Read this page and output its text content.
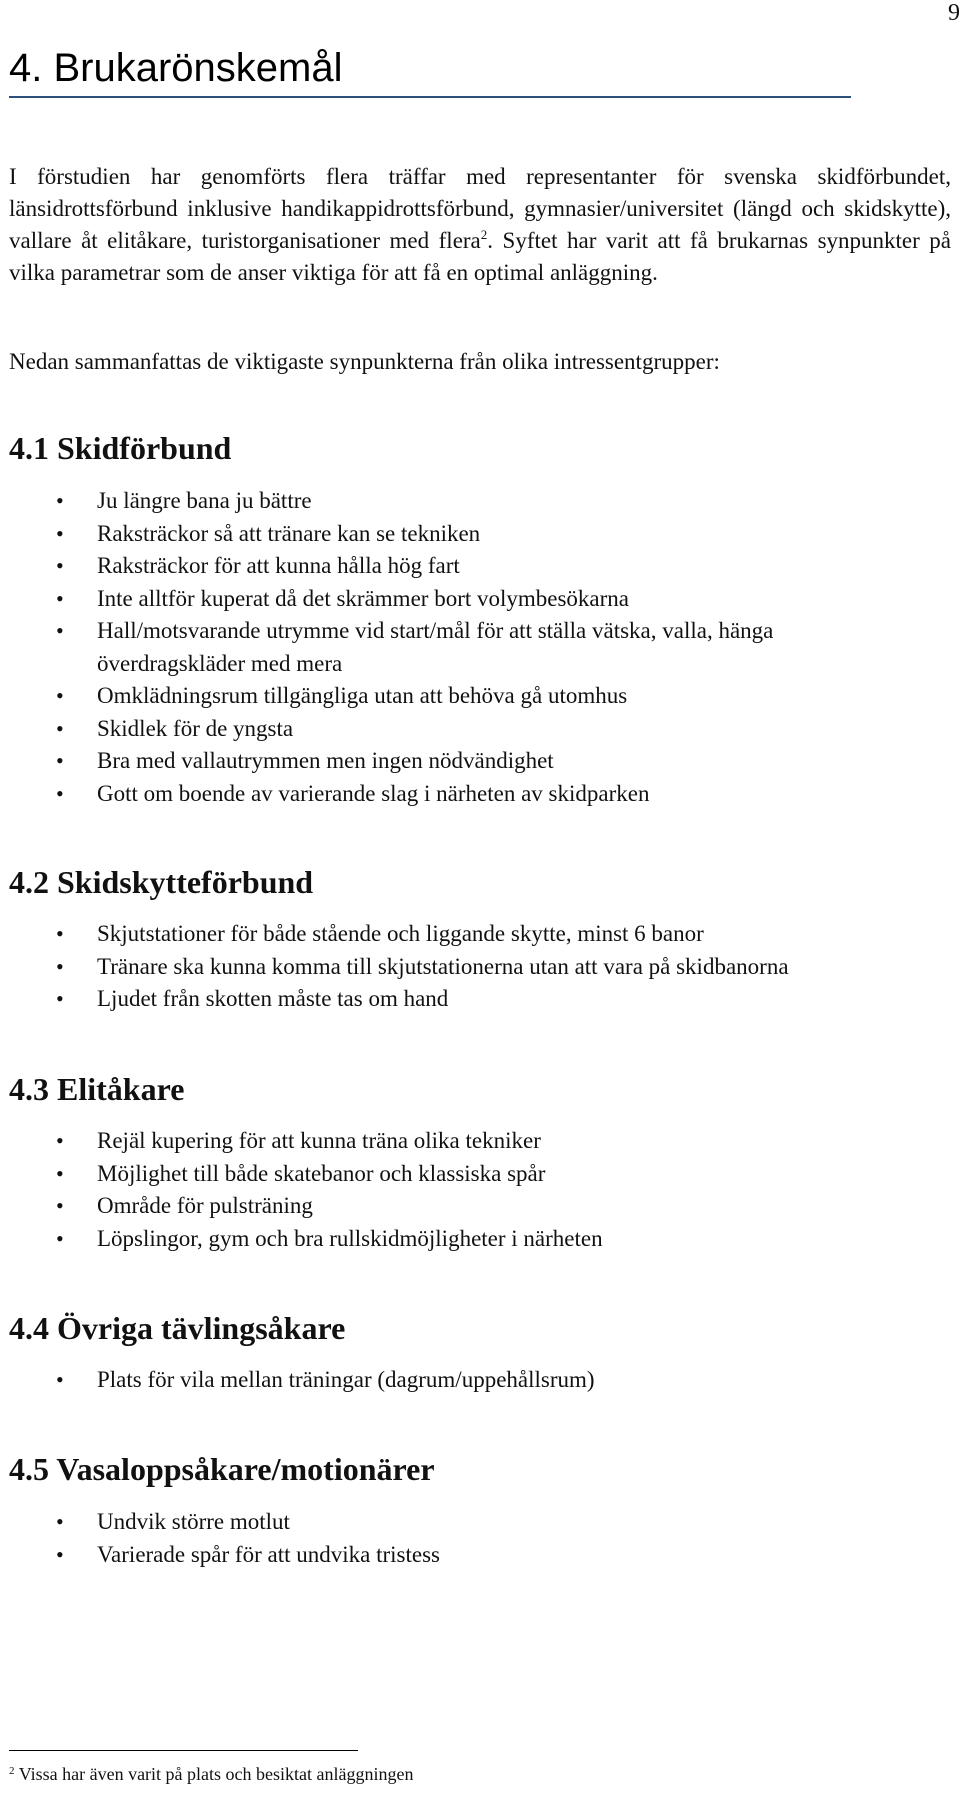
9
4. Brukarönskemål

I förstudien har genomförts flera träffar med representanter för svenska skidförbundet, länsidrottsförbund inklusive handikappidrottsförbund, gymnasier/universitet (längd och skidskytte), vallare åt elitåkare, turistorganisationer med flera$^2$. Syftet har varit att få brukarnas synpunkter på vilka parametrar som de anser viktiga för att få en optimal anläggning.

Nedan sammanfattas de viktigaste synpunkterna från olika intressentgrupper:

4.1 Skidförbund
• Ju längre bana ju bättre
• Raksträckor så att tränare kan se tekniken
• Raksträckor för att kunna hålla hög fart
• Inte alltför kuperat då det skrämmer bort volymbesökarna
• Hall/motsvarande utrymme vid start/mål för att ställa vätska, valla, hänga överdragskläder med mera
• Omklädningsrum tillgängliga utan att behöva gå utomhus
• Skidlek för de yngsta
• Bra med vallautrymmen men ingen nödvändighet
• Gott om boende av varierande slag i närheten av skidparken
4.2 Skidskytteförbund
• Skjutstationer för både stående och liggande skytte, minst 6 banor
• Tränare ska kunna komma till skjutstationerna utan att vara på skidbanorna
• Ljudet från skotten måste tas om hand
4.3 Elitåkare
• Rejäl kupering för att kunna träna olika tekniker
• Möjlighet till både skatebanor och klassiska spår
• Område för pulsträning
• Löpslingor, gym och bra rullskidmöjligheter i närheten
4.4 Övriga tävlingsåkare
• Plats för vila mellan träningar (dagrum/uppehållsrum)
4.5 Vasaloppsåkare/motionärer
• Undvik större motlut
• Varierade spår för att undvika tristess

$^2$ Vissa har även varit på plats och besiktat anläggningen
